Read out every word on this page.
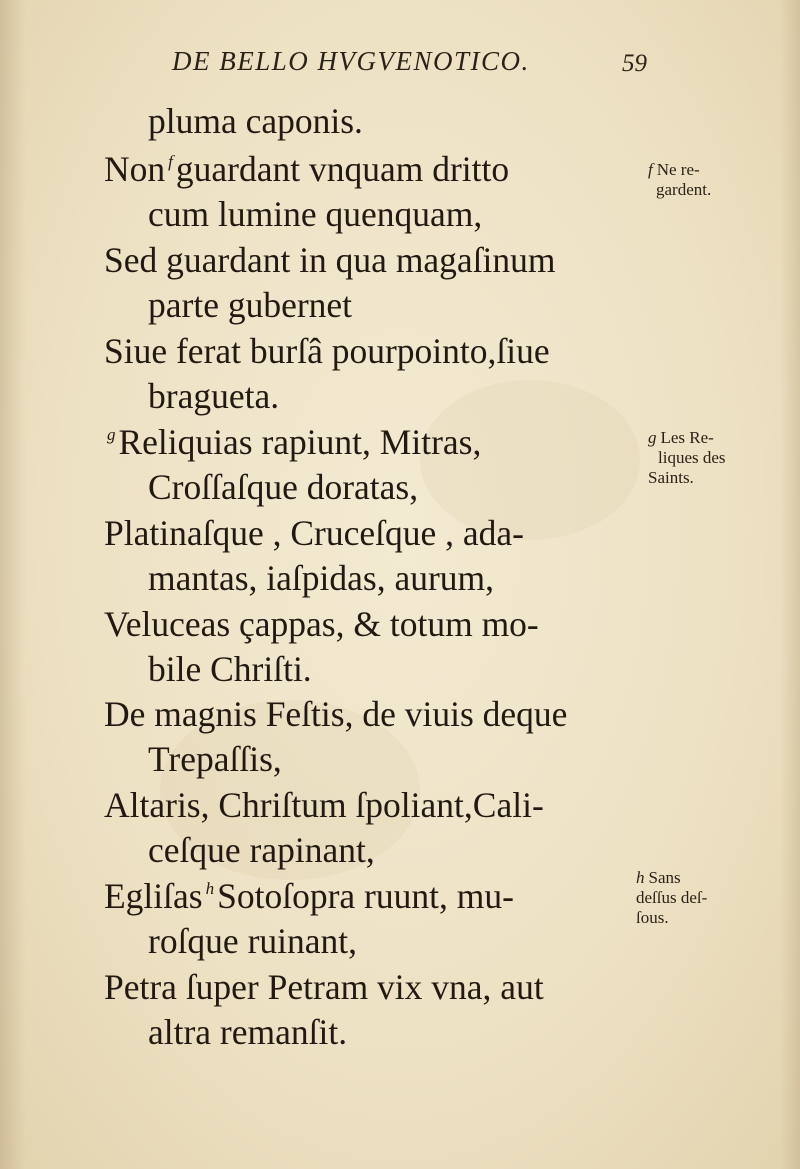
DE BELLO HVGVENOTICO.	59
pluma caponis.
Non $^f$guardant vnquam dritto
cum lumine quenquam,
Sed guardant in qua magaſinum
parte gubernet
Siue ferat burſâ pourpointo,ſiue
bragueta.
$^g$Reliquias rapiunt, Mitras,
Croſſaſque doratas,
Platinaſque , Cruceſque , ada-
mantas, iaſpidas, aurum,
Veluceas çappas, & totum mo-
bile Chriſti.
De magnis Feſtis, de viuis deque
Trepaſſis,
Altaris, Chriſtum ſpoliant,Cali-
ceſque rapinant,
Egliſas $^h$Sotoſopra ruunt, mu-
roſque ruinant,
Petra ſuper Petram vix vna, aut
altra remanſit.
f Ne re-
gardent.
g Les Re-
liques des
Saints.
h Sans
deſſus deſ-
ſous.
